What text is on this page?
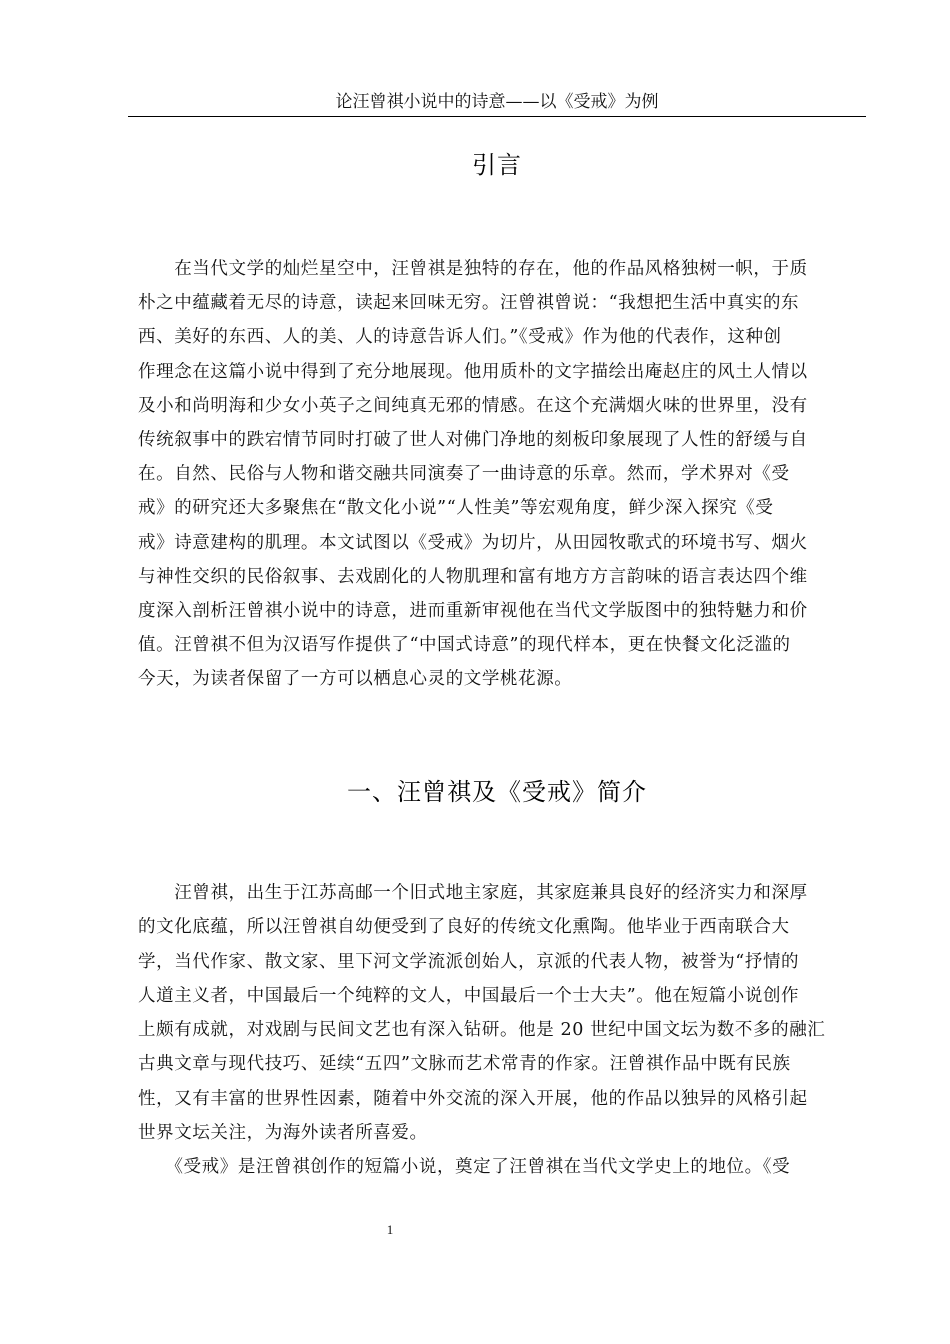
论汪曾祺小说中的诗意——以《受戒》为例
引言
　　在当代文学的灿烂星空中，汪曾祺是独特的存在，他的作品风格独树一帜，于质
朴之中蕴藏着无尽的诗意，读起来回味无穷。汪曾祺曾说：“我想把生活中真实的东
西、美好的东西、人的美、人的诗意告诉人们。”《受戒》作为他的代表作，这种创
作理念在这篇小说中得到了充分地展现。他用质朴的文字描绘出庵赵庄的风土人情以
及小和尚明海和少女小英子之间纯真无邪的情感。在这个充满烟火味的世界里，没有
传统叙事中的跌宕情节同时打破了世人对佛门净地的刻板印象展现了人性的舒缓与自
在。自然、民俗与人物和谐交融共同演奏了一曲诗意的乐章。然而，学术界对《受
戒》的研究还大多聚焦在“散文化小说”“人性美”等宏观角度，鲜少深入探究《受
戒》诗意建构的肌理。本文试图以《受戒》为切片，从田园牧歌式的环境书写、烟火
与神性交织的民俗叙事、去戏剧化的人物肌理和富有地方方言韵味的语言表达四个维
度深入剖析汪曾祺小说中的诗意，进而重新审视他在当代文学版图中的独特魅力和价
值。汪曾祺不但为汉语写作提供了“中国式诗意”的现代样本，更在快餐文化泛滥的
今天，为读者保留了一方可以栖息心灵的文学桃花源。
一、汪曾祺及《受戒》简介
　　汪曾祺，出生于江苏高邮一个旧式地主家庭，其家庭兼具良好的经济实力和深厚
的文化底蕴，所以汪曾祺自幼便受到了良好的传统文化熏陶。他毕业于西南联合大
学，当代作家、散文家、里下河文学流派创始人，京派的代表人物，被誉为“抒情的
人道主义者，中国最后一个纯粹的文人，中国最后一个士大夫”。他在短篇小说创作
上颇有成就，对戏剧与民间文艺也有深入钻研。他是 20 世纪中国文坛为数不多的融汇
古典文章与现代技巧、延续“五四”文脉而艺术常青的作家。汪曾祺作品中既有民族
性，又有丰富的世界性因素，随着中外交流的深入开展，他的作品以独异的风格引起
世界文坛关注，为海外读者所喜爱。
　　《受戒》是汪曾祺创作的短篇小说，奠定了汪曾祺在当代文学史上的地位。《受
1
